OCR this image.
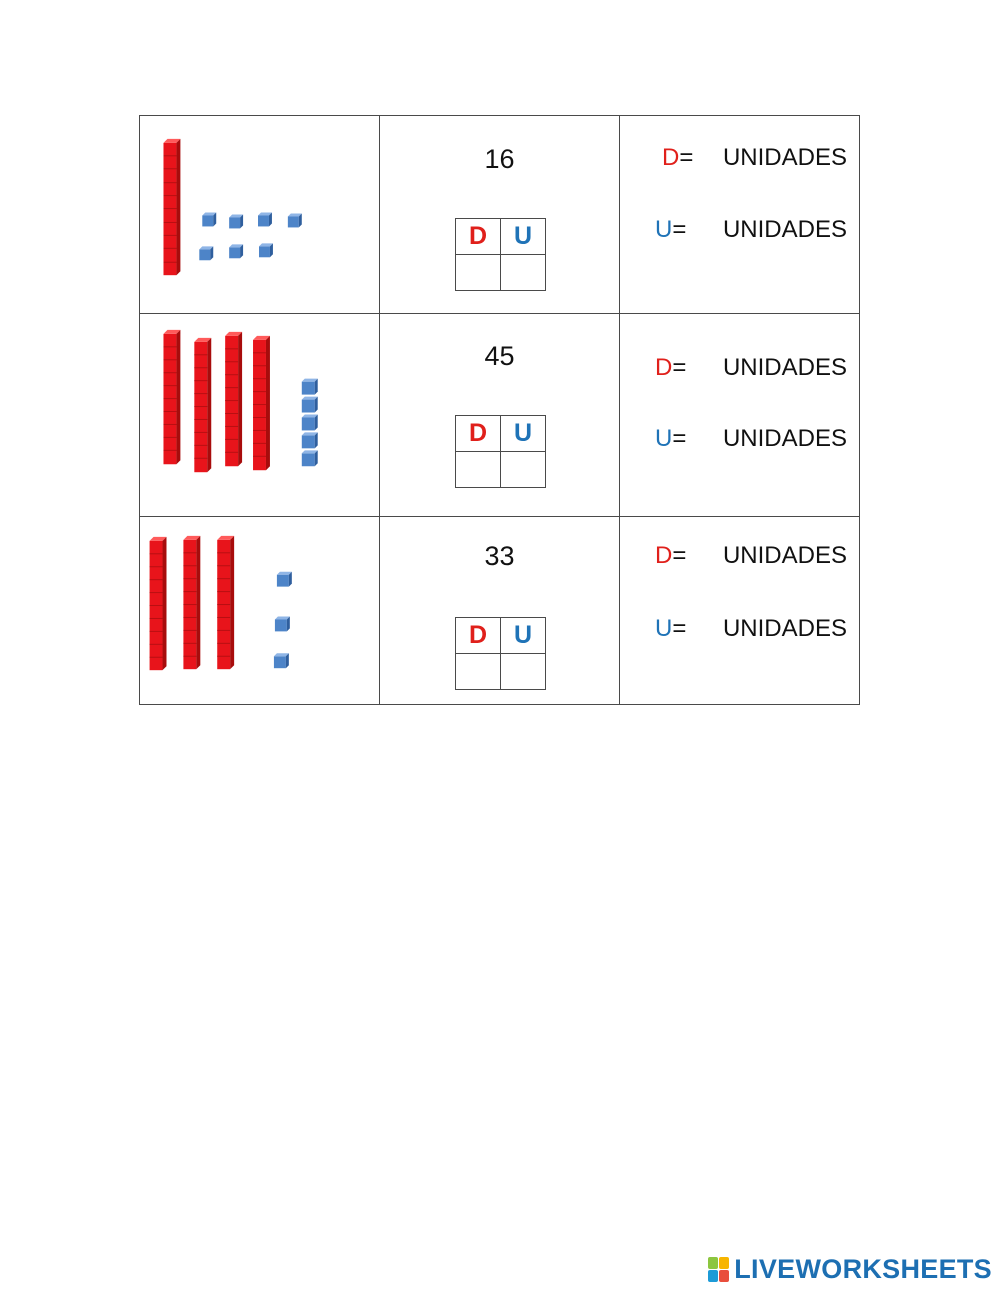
16
D	U

D= UNIDADES
U= UNIDADES

45
D	U

D= UNIDADES
U= UNIDADES

33
D	U

D= UNIDADES
U= UNIDADES
LIVEWORKSHEETS
